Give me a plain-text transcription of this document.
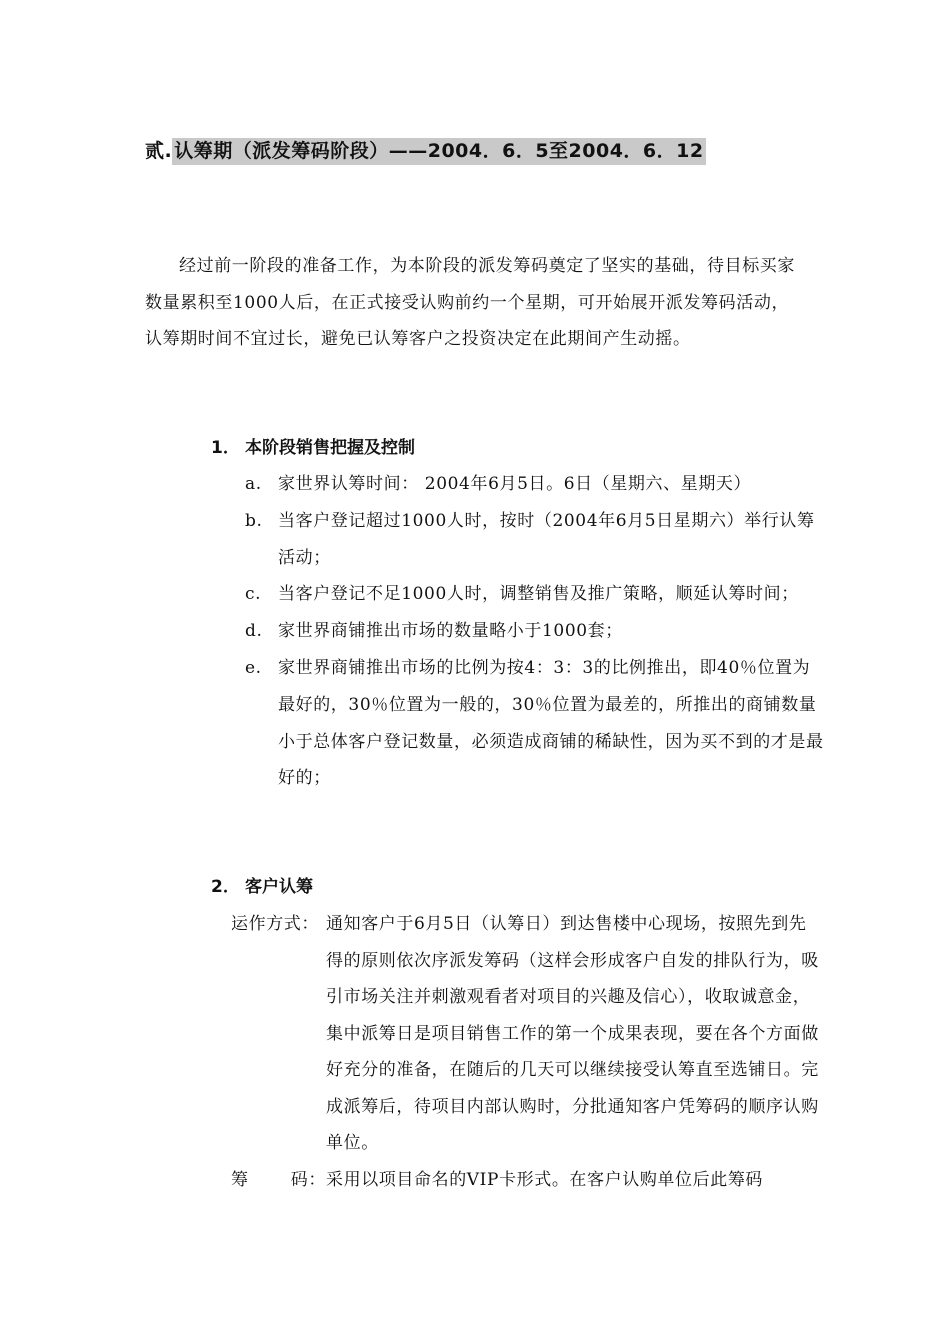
贰. 认筹期（派发筹码阶段）——2004．6．5至2004．6．12

经过前一阶段的准备工作，为本阶段的派发筹码奠定了坚实的基础，待目标买家数量累积至1000人后，在正式接受认购前约一个星期，可开始展开派发筹码活动，认筹期时间不宜过长，避免已认筹客户之投资决定在此期间产生动摇。

1． 本阶段销售把握及控制
a. 家世界认筹时间： 2004年6月5日。6日（星期六、星期天）
b. 当客户登记超过1000人时，按时（2004年6月5日星期六）举行认筹活动；
c. 当客户登记不足1000人时，调整销售及推广策略，顺延认筹时间；
d. 家世界商铺推出市场的数量略小于1000套；
e. 家世界商铺推出市场的比例为按4：3：3的比例推出，即40％位置为最好的，30％位置为一般的，30％位置为最差的，所推出的商铺数量小于总体客户登记数量，必须造成商铺的稀缺性，因为买不到的才是最好的；
2． 客户认筹
运作方式： 通知客户于6月5日（认筹日）到达售楼中心现场，按照先到先得的原则依次序派发筹码（这样会形成客户自发的排队行为，吸引市场关注并刺激观看者对项目的兴趣及信心），收取诚意金，集中派筹日是项目销售工作的第一个成果表现，要在各个方面做好充分的准备，在随后的几天可以继续接受认筹直至选铺日。完成派筹后，待项目内部认购时，分批通知客户凭筹码的顺序认购单位。
筹 码： 采用以项目命名的VIP卡形式。在客户认购单位后此筹码
